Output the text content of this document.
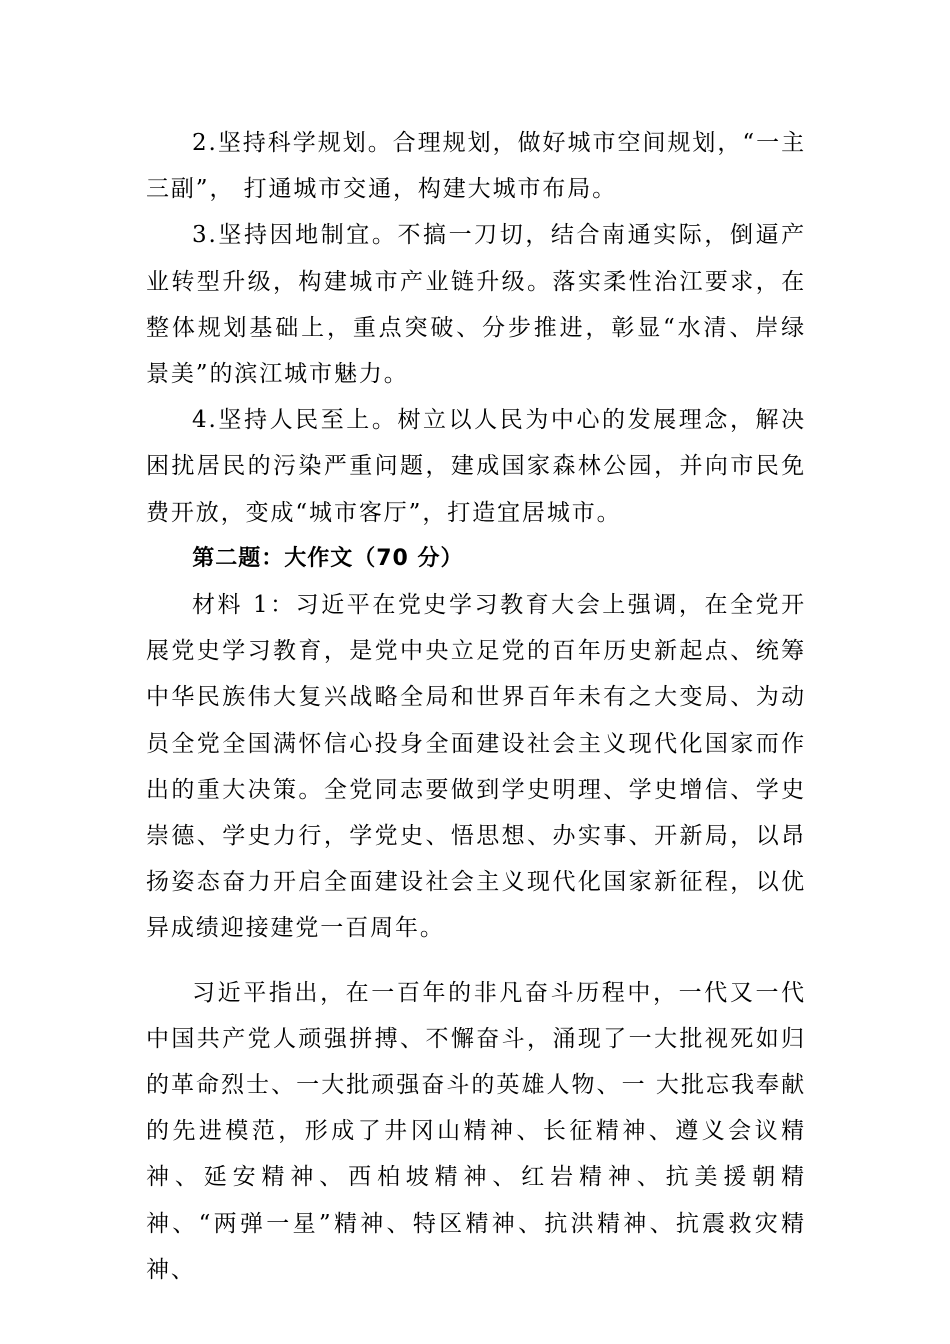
2.坚持科学规划。合理规划，做好城市空间规划，“一主三副”， 打通城市交通，构建大城市布局。

3.坚持因地制宜。不搞一刀切，结合南通实际，倒逼产业转型升级，构建城市产业链升级。落实柔性治江要求，在整体规划基础上，重点突破、分步推进，彰显“水清、岸绿景美”的滨江城市魅力。

4.坚持人民至上。树立以人民为中心的发展理念，解决困扰居民的污染严重问题，建成国家森林公园，并向市民免费开放，变成“城市客厅”，打造宜居城市。

第二题：大作文（70 分）

材料 1：习近平在党史学习教育大会上强调，在全党开展党史学习教育，是党中央立足党的百年历史新起点、统筹中华民族伟大复兴战略全局和世界百年未有之大变局、为动员全党全国满怀信心投身全面建设社会主义现代化国家而作出的重大决策。全党同志要做到学史明理、学史增信、学史崇德、学史力行，学党史、悟思想、办实事、开新局，以昂扬姿态奋力开启全面建设社会主义现代化国家新征程，以优异成绩迎接建党一百周年。

习近平指出，在一百年的非凡奋斗历程中，一代又一代中国共产党人顽强拼搏、不懈奋斗，涌现了一大批视死如归的革命烈士、一大批顽强奋斗的英雄人物、一 大批忘我奉献的先进模范，形成了井冈山精神、长征精神、遵义会议精神、延安精神、西柏坡精神、红岩精神、抗美援朝精神、“两弹一星”精神、特区精神、抗洪精神、抗震救灾精神、
